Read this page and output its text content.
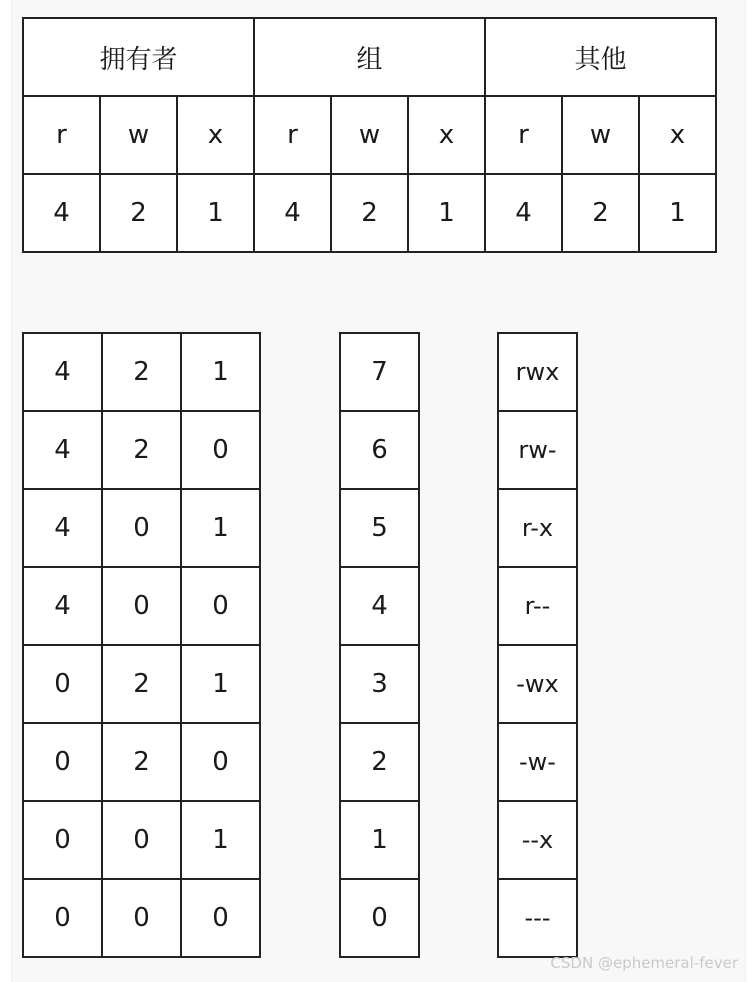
拥有者			组			其他		
r	w	x	r	w	x	r	w	x
4	2	1	4	2	1	4	2	1
4	2	1
4	2	0
4	0	1
4	0	0
0	2	1
0	2	0
0	0	1
0	0	0
7
6
5
4
3
2
1
0
rwx
rw-
r-x
r--
-wx
-w-
--x
---
CSDN @ephemeral-fever
